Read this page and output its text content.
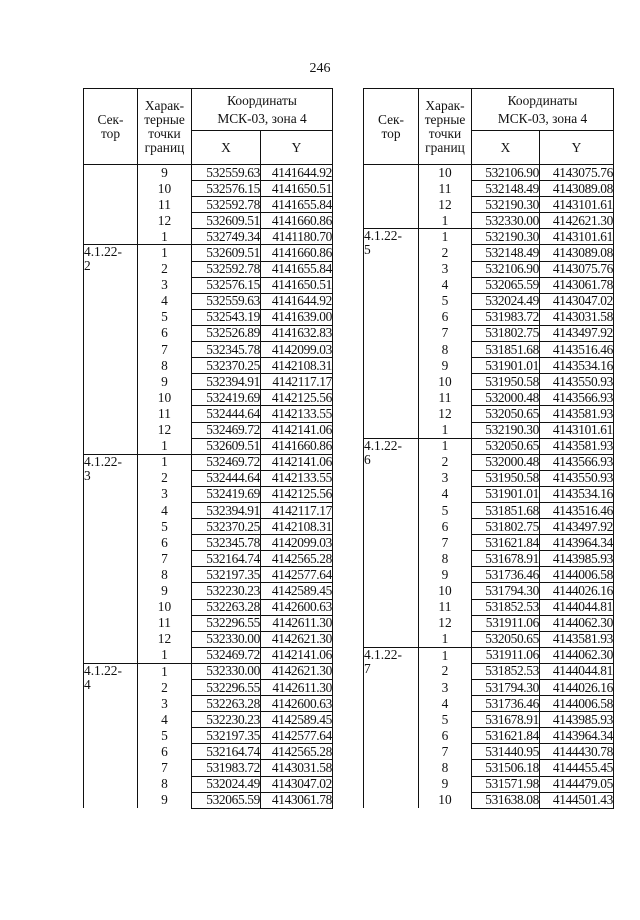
246
Сек-
тор	Харак-
терные
точки
границ	Координаты
МСК-03, зона 4	

		X	Y
	9	532559.63	4141644.92
	10	532576.15	4141650.51
	11	532592.78	4141655.84
	12	532609.51	4141660.86
	1	532749.34	4141180.70
4.1.22-
2	1	532609.51	4141660.86
	2	532592.78	4141655.84
	3	532576.15	4141650.51
	4	532559.63	4141644.92
	5	532543.19	4141639.00
	6	532526.89	4141632.83
	7	532345.78	4142099.03
	8	532370.25	4142108.31
	9	532394.91	4142117.17
	10	532419.69	4142125.56
	11	532444.64	4142133.55
	12	532469.72	4142141.06
	1	532609.51	4141660.86
4.1.22-
3	1	532469.72	4142141.06
	2	532444.64	4142133.55
	3	532419.69	4142125.56
	4	532394.91	4142117.17
	5	532370.25	4142108.31
	6	532345.78	4142099.03
	7	532164.74	4142565.28
	8	532197.35	4142577.64
	9	532230.23	4142589.45
	10	532263.28	4142600.63
	11	532296.55	4142611.30
	12	532330.00	4142621.30
	1	532469.72	4142141.06
4.1.22-
4	1	532330.00	4142621.30
	2	532296.55	4142611.30
	3	532263.28	4142600.63
	4	532230.23	4142589.45
	5	532197.35	4142577.64
	6	532164.74	4142565.28
	7	531983.72	4143031.58
	8	532024.49	4143047.02
	9	532065.59	4143061.78
Сек-
тор	Харак-
терные
точки
границ	Координаты
МСК-03, зона 4	

		X	Y
	10	532106.90	4143075.76
	11	532148.49	4143089.08
	12	532190.30	4143101.61
	1	532330.00	4142621.30
4.1.22-
5	1	532190.30	4143101.61
	2	532148.49	4143089.08
	3	532106.90	4143075.76
	4	532065.59	4143061.78
	5	532024.49	4143047.02
	6	531983.72	4143031.58
	7	531802.75	4143497.92
	8	531851.68	4143516.46
	9	531901.01	4143534.16
	10	531950.58	4143550.93
	11	532000.48	4143566.93
	12	532050.65	4143581.93
	1	532190.30	4143101.61
4.1.22-
6	1	532050.65	4143581.93
	2	532000.48	4143566.93
	3	531950.58	4143550.93
	4	531901.01	4143534.16
	5	531851.68	4143516.46
	6	531802.75	4143497.92
	7	531621.84	4143964.34
	8	531678.91	4143985.93
	9	531736.46	4144006.58
	10	531794.30	4144026.16
	11	531852.53	4144044.81
	12	531911.06	4144062.30
	1	532050.65	4143581.93
4.1.22-
7	1	531911.06	4144062.30
	2	531852.53	4144044.81
	3	531794.30	4144026.16
	4	531736.46	4144006.58
	5	531678.91	4143985.93
	6	531621.84	4143964.34
	7	531440.95	4144430.78
	8	531506.18	4144455.45
	9	531571.98	4144479.05
	10	531638.08	4144501.43
